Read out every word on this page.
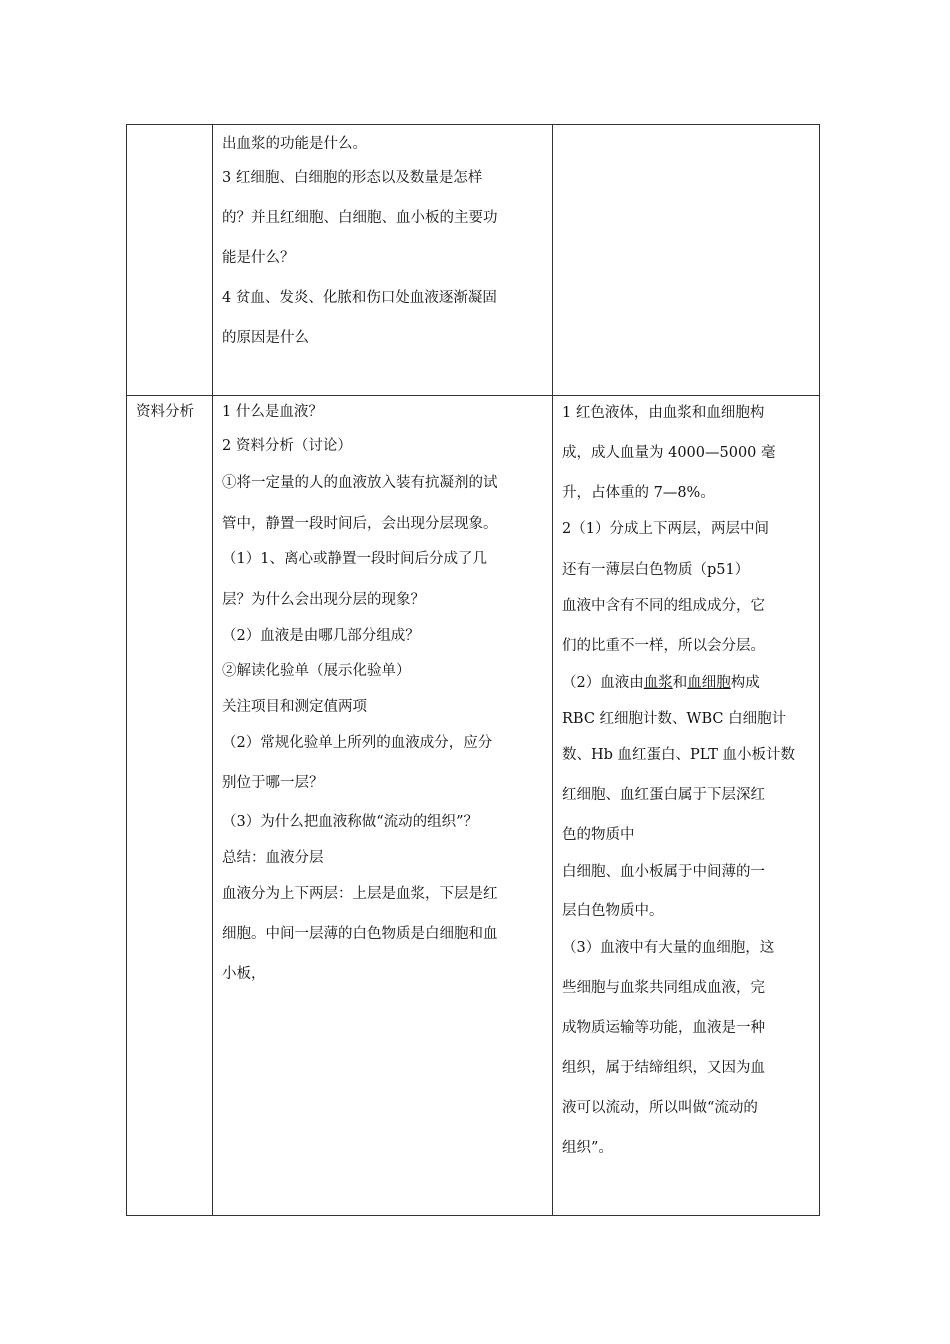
出血浆的功能是什么。
3 红细胞、白细胞的形态以及数量是怎样
的？并且红细胞、白细胞、血小板的主要功
能是什么？
4 贫血、发炎、化脓和伤口处血液逐渐凝固
的原因是什么
资料分析 1 什么是血液？
2 资料分析（讨论）
①将一定量的人的血液放入装有抗凝剂的试
管中，静置一段时间后，会出现分层现象。
（1）1、离心或静置一段时间后分成了几
层？为什么会出现分层的现象？
（2）血液是由哪几部分组成？
②解读化验单（展示化验单）
关注项目和测定值两项
（2）常规化验单上所列的血液成分，应分
别位于哪一层？
（3）为什么把血液称做“流动的组织”？
总结：血液分层
血液分为上下两层：上层是血浆，下层是红
细胞。中间一层薄的白色物质是白细胞和血
小板，
1 红色液体，由血浆和血细胞构
成，成人血量为 4000—5000 毫
升，占体重的 7—8%。
2（1）分成上下两层，两层中间
还有一薄层白色物质（p51）
血液中含有不同的组成成分，它
们的比重不一样，所以会分层。
（2）血液由血浆和血细胞构成
RBC 红细胞计数、WBC 白细胞计
数、Hb 血红蛋白、PLT 血小板计数
红细胞、血红蛋白属于下层深红
色的物质中
白细胞、血小板属于中间薄的一
层白色物质中。
（3）血液中有大量的血细胞，这
些细胞与血浆共同组成血液，完
成物质运输等功能，血液是一种
组织，属于结缔组织，又因为血
液可以流动，所以叫做“流动的
组织”。
